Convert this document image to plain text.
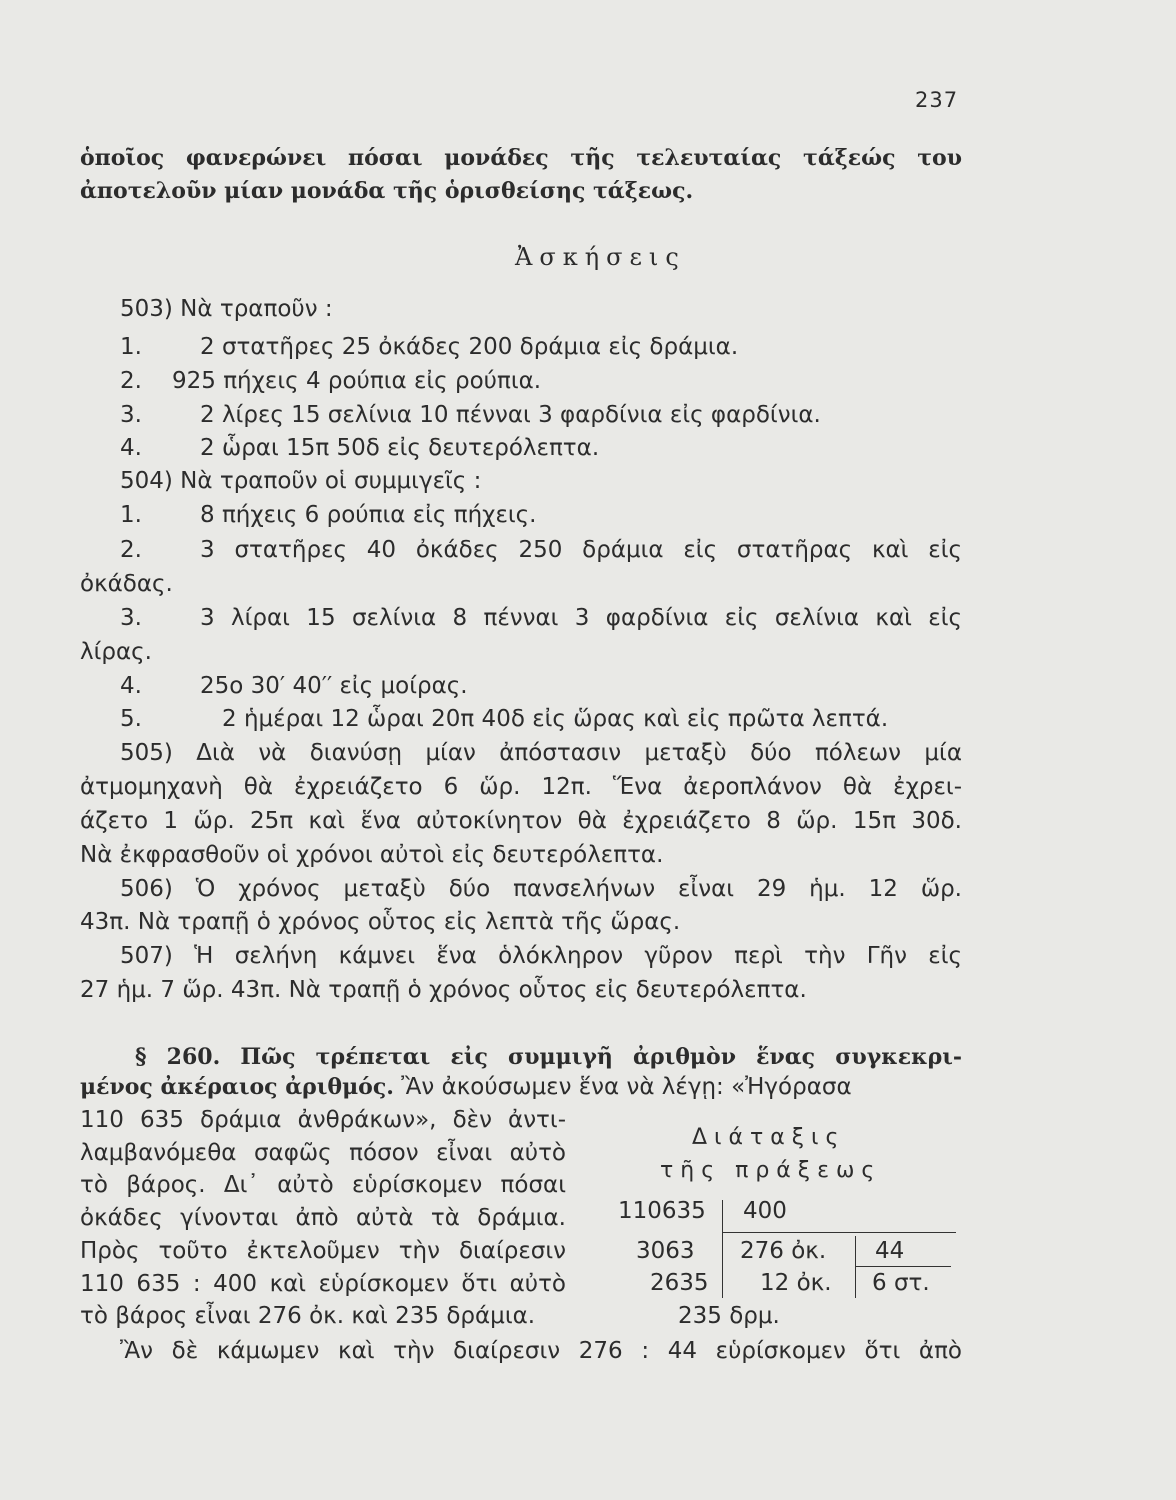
237
ὁποῖος φανερώνει πόσαι μονάδες τῆς τελευταίας τάξεώς του
ἀποτελοῦν μίαν μονάδα τῆς ὁρισθείσης τάξεως.
Ἀσκήσεις
503) Νὰ τραποῦν :
1.	2 στατῆρες 25 ὀκάδες 200 δράμια εἰς δράμια.
2. 925 πήχεις 4 ρούπια εἰς ρούπια.
3.	2 λίρες 15 σελίνια 10 πένναι 3 φαρδίνια εἰς φαρδίνια.
4.	2 ὧραι 15π 50δ εἰς δευτερόλεπτα.
504) Νὰ τραποῦν οἱ συμμιγεῖς :
1.	8 πήχεις 6 ρούπια εἰς πήχεις.
2.	3 στατῆρες 40 ὀκάδες 250 δράμια εἰς στατῆρας καὶ εἰς
ὀκάδας.
3.	3 λίραι 15 σελίνια 8 πένναι 3 φαρδίνια εἰς σελίνια καὶ εἰς
λίρας.
4.	25ο 30′ 40′′ εἰς μοίρας.
5.	2 ἡμέραι 12 ὧραι 20π 40δ εἰς ὥρας καὶ εἰς πρῶτα λεπτά.
505) Διὰ νὰ διανύσῃ μίαν ἀπόστασιν μεταξὺ δύο πόλεων μία
ἀτμομηχανὴ θὰ ἐχρειάζετο 6 ὥρ. 12π. Ἕνα ἀεροπλάνον θὰ ἐχρει-
άζετο 1 ὥρ. 25π καὶ ἕνα αὐτοκίνητον θὰ ἐχρειάζετο 8 ὥρ. 15π 30δ.
Νὰ ἐκφρασθοῦν οἱ χρόνοι αὐτοὶ εἰς δευτερόλεπτα.
506) Ὁ χρόνος μεταξὺ δύο πανσελήνων εἶναι 29 ἡμ. 12 ὥρ.
43π. Νὰ τραπῇ ὁ χρόνος οὗτος εἰς λεπτὰ τῆς ὥρας.
507) Ἡ σελήνη κάμνει ἕνα ὁλόκληρον γῦρον περὶ τὴν Γῆν εἰς
27 ἡμ. 7 ὥρ. 43π. Νὰ τραπῇ ὁ χρόνος οὗτος εἰς δευτερόλεπτα.
§ 260. Πῶς τρέπεται εἰς συμμιγῆ ἀριθμὸν ἕνας συγκεκρι-
μένος ἀκέραιος ἀριθμός. Ἂν ἀκούσωμεν ἕνα νὰ λέγῃ: «Ἠγόρασα
110 635 δράμια ἀνθράκων», δὲν ἀντι-
λαμβανόμεθα σαφῶς πόσον εἶναι αὐτὸ
τὸ βάρος. Δι᾽ αὐτὸ εὑρίσκομεν πόσαι
ὀκάδες γίνονται ἀπὸ αὐτὰ τὰ δράμια.
Πρὸς τοῦτο ἐκτελοῦμεν τὴν διαίρεσιν
110 635 : 400 καὶ εὑρίσκομεν ὅτι αὐτὸ
τὸ βάρος εἶναι 276 ὀκ. καὶ 235 δράμια.
Διάταξις
τῆς πράξεως
110635 400
3063 276 ὀκ. 44
2635 12 ὀκ. 6 στ.
235 δρμ.
Ἂν δὲ κάμωμεν καὶ τὴν διαίρεσιν 276 : 44 εὑρίσκομεν ὅτι ἀπὸ
